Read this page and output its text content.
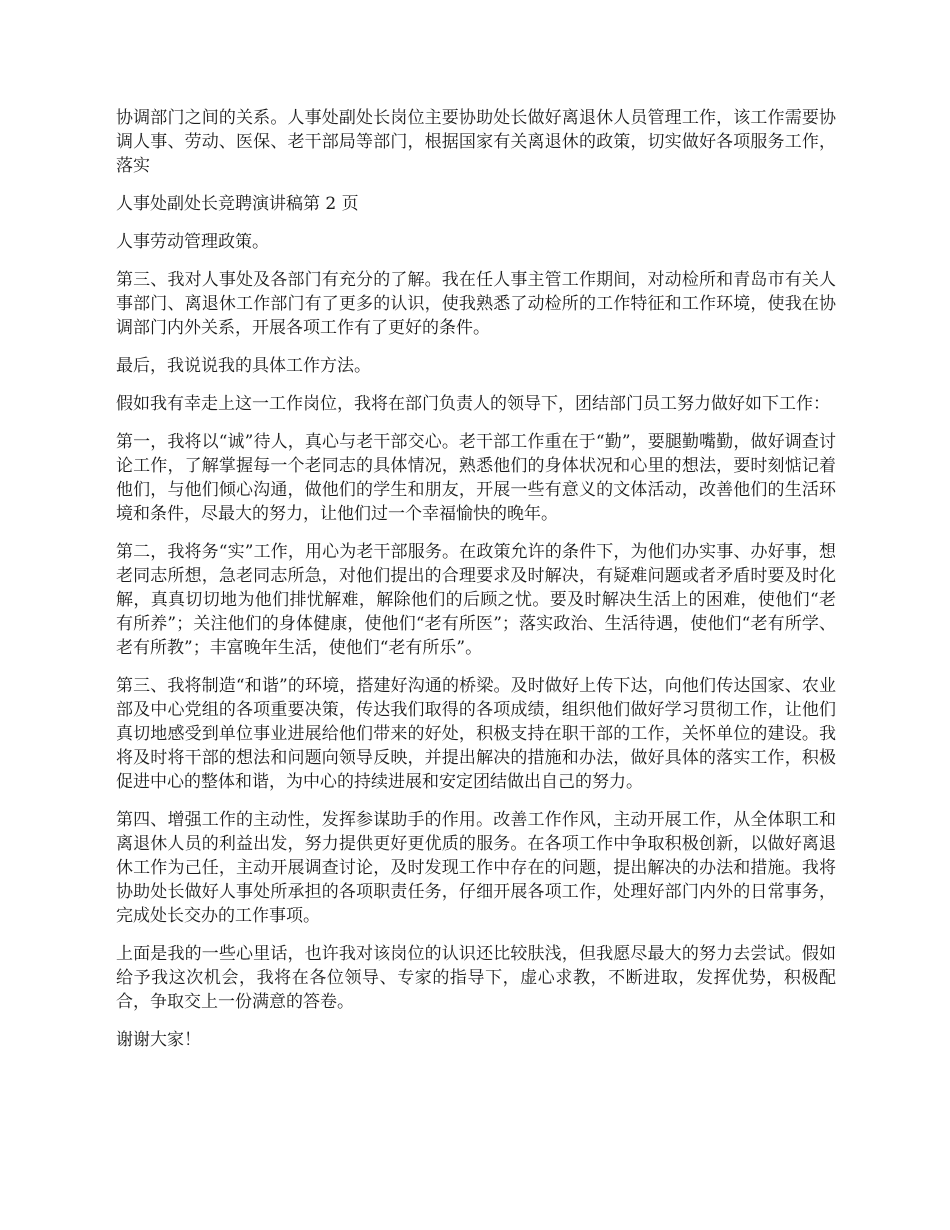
协调部门之间的关系。人事处副处长岗位主要协助处长做好离退休人员管理工作，该工作需要协调人事、劳动、医保、老干部局等部门，根据国家有关离退休的政策，切实做好各项服务工作，落实

人事处副处长竞聘演讲稿第 2 页

人事劳动管理政策。

第三、我对人事处及各部门有充分的了解。我在任人事主管工作期间，对动检所和青岛市有关人事部门、离退休工作部门有了更多的认识，使我熟悉了动检所的工作特征和工作环境，使我在协调部门内外关系，开展各项工作有了更好的条件。

最后，我说说我的具体工作方法。

假如我有幸走上这一工作岗位，我将在部门负责人的领导下，团结部门员工努力做好如下工作：

第一，我将以“诚”待人，真心与老干部交心。老干部工作重在于“勤”，要腿勤嘴勤，做好调查讨论工作，了解掌握每一个老同志的具体情况，熟悉他们的身体状况和心里的想法，要时刻惦记着他们，与他们倾心沟通，做他们的学生和朋友，开展一些有意义的文体活动，改善他们的生活环境和条件，尽最大的努力，让他们过一个幸福愉快的晚年。

第二，我将务“实”工作，用心为老干部服务。在政策允许的条件下，为他们办实事、办好事，想老同志所想，急老同志所急，对他们提出的合理要求及时解决，有疑难问题或者矛盾时要及时化解，真真切切地为他们排忧解难，解除他们的后顾之忧。要及时解决生活上的困难，使他们“老有所养”；关注他们的身体健康，使他们“老有所医”；落实政治、生活待遇，使他们“老有所学、老有所教”；丰富晚年生活，使他们“老有所乐”。

第三、我将制造“和谐”的环境，搭建好沟通的桥梁。及时做好上传下达，向他们传达国家、农业部及中心党组的各项重要决策，传达我们取得的各项成绩，组织他们做好学习贯彻工作，让他们真切地感受到单位事业进展给他们带来的好处，积极支持在职干部的工作，关怀单位的建设。我将及时将干部的想法和问题向领导反映，并提出解决的措施和办法，做好具体的落实工作，积极促进中心的整体和谐，为中心的持续进展和安定团结做出自己的努力。

第四、增强工作的主动性，发挥参谋助手的作用。改善工作作风，主动开展工作，从全体职工和离退休人员的利益出发，努力提供更好更优质的服务。在各项工作中争取积极创新，以做好离退休工作为己任，主动开展调查讨论，及时发现工作中存在的问题，提出解决的办法和措施。我将协助处长做好人事处所承担的各项职责任务，仔细开展各项工作，处理好部门内外的日常事务，完成处长交办的工作事项。

上面是我的一些心里话，也许我对该岗位的认识还比较肤浅，但我愿尽最大的努力去尝试。假如给予我这次机会，我将在各位领导、专家的指导下，虚心求教，不断进取，发挥优势，积极配合，争取交上一份满意的答卷。

谢谢大家！
